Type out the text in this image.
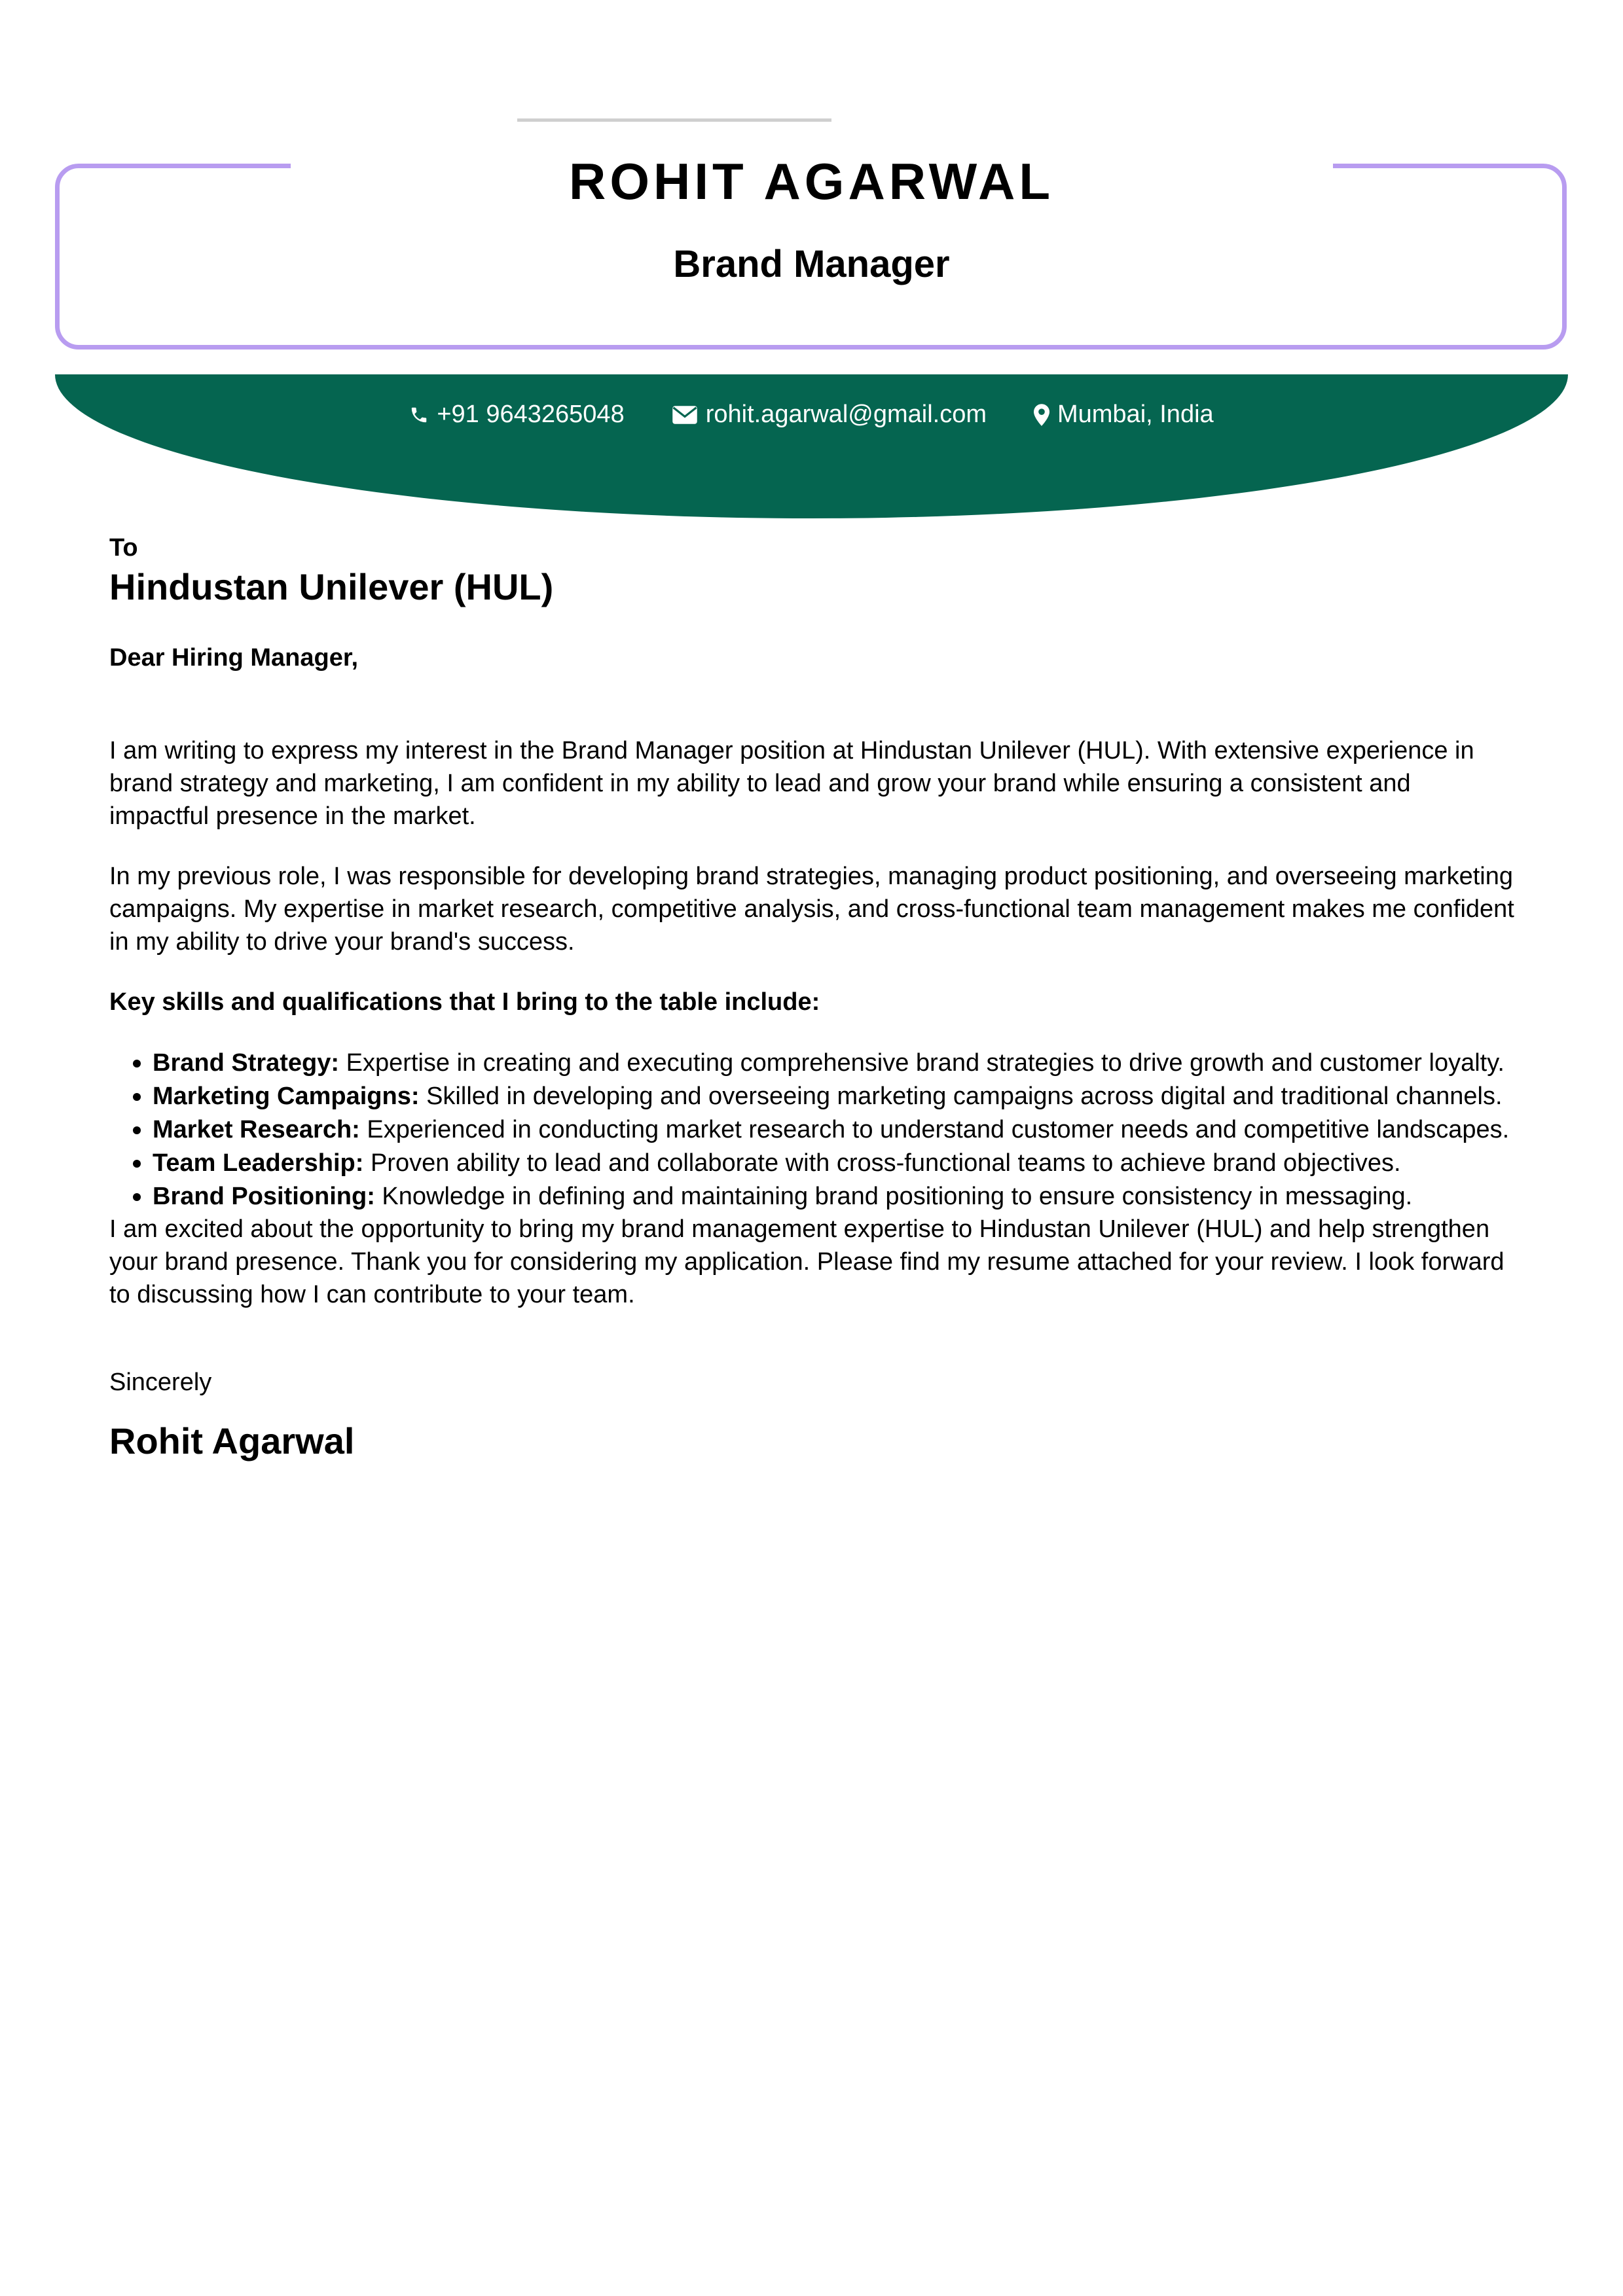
ROHIT AGARWAL
Brand Manager
+91 9643265048	rohit.agarwal@gmail.com	Mumbai, India
To
Hindustan Unilever (HUL)
Dear Hiring Manager,
I am writing to express my interest in the Brand Manager position at Hindustan Unilever (HUL). With extensive experience in brand strategy and marketing, I am confident in my ability to lead and grow your brand while ensuring a consistent and impactful presence in the market.
In my previous role, I was responsible for developing brand strategies, managing product positioning, and overseeing marketing campaigns. My expertise in market research, competitive analysis, and cross-functional team management makes me confident in my ability to drive your brand's success.
Key skills and qualifications that I bring to the table include:
• Brand Strategy: Expertise in creating and executing comprehensive brand strategies to drive growth and customer loyalty.
• Marketing Campaigns: Skilled in developing and overseeing marketing campaigns across digital and traditional channels.
• Market Research: Experienced in conducting market research to understand customer needs and competitive landscapes.
• Team Leadership: Proven ability to lead and collaborate with cross-functional teams to achieve brand objectives.
• Brand Positioning: Knowledge in defining and maintaining brand positioning to ensure consistency in messaging.
I am excited about the opportunity to bring my brand management expertise to Hindustan Unilever (HUL) and help strengthen your brand presence. Thank you for considering my application. Please find my resume attached for your review. I look forward to discussing how I can contribute to your team.
Sincerely
Rohit Agarwal
